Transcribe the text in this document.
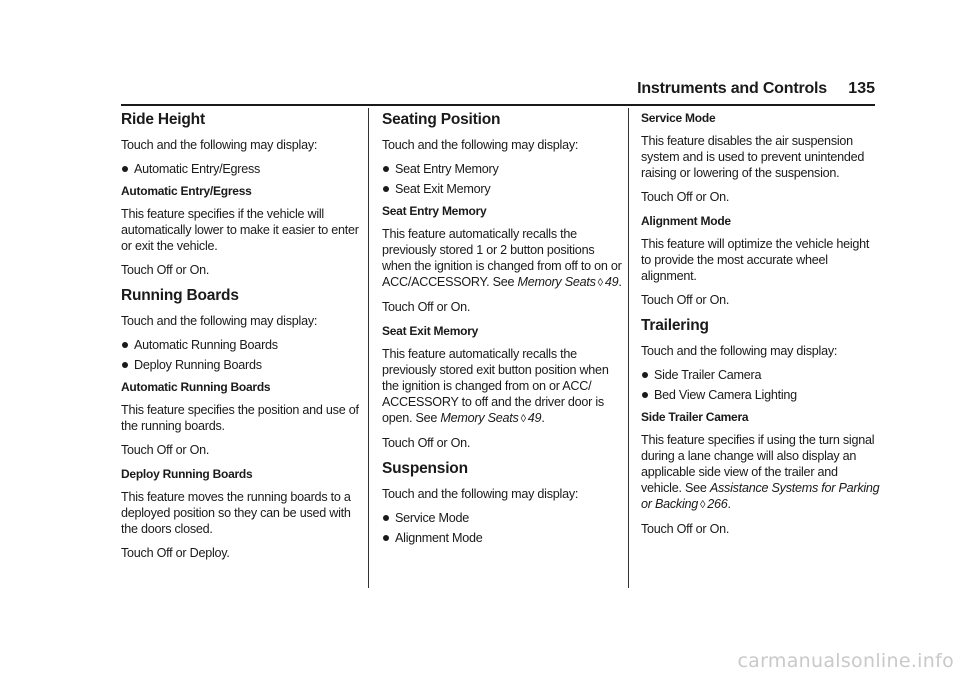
Instruments and Controls 135
Ride Height

Touch and the following may display:

Automatic Entry/Egress
Automatic Entry/Egress

This feature specifies if the vehicle will automatically lower to make it easier to enter or exit the vehicle.

Touch Off or On.

Running Boards

Touch and the following may display:

Automatic Running Boards
Deploy Running Boards
Automatic Running Boards

This feature specifies the position and use of the running boards.

Touch Off or On.

Deploy Running Boards

This feature moves the running boards to a deployed position so they can be used with the doors closed.

Touch Off or Deploy.

Seating Position

Touch and the following may display:

Seat Entry Memory
Seat Exit Memory
Seat Entry Memory

This feature automatically recalls the previously stored 1 or 2 button positions when the ignition is changed from off to on or ACC/ACCESSORY. See Memory Seats ◊ 49.

Touch Off or On.

Seat Exit Memory

This feature automatically recalls the previously stored exit button position when the ignition is changed from on or ACC/ ACCESSORY to off and the driver door is open. See Memory Seats ◊ 49.

Touch Off or On.

Suspension

Touch and the following may display:

Service Mode
Alignment Mode
Service Mode

This feature disables the air suspension system and is used to prevent unintended raising or lowering of the suspension.

Touch Off or On.

Alignment Mode

This feature will optimize the vehicle height to provide the most accurate wheel alignment.

Touch Off or On.

Trailering

Touch and the following may display:

Side Trailer Camera
Bed View Camera Lighting
Side Trailer Camera

This feature specifies if using the turn signal during a lane change will also display an applicable side view of the trailer and vehicle. See Assistance Systems for Parking or Backing ◊ 266.

Touch Off or On.

carmanualsonline.info
